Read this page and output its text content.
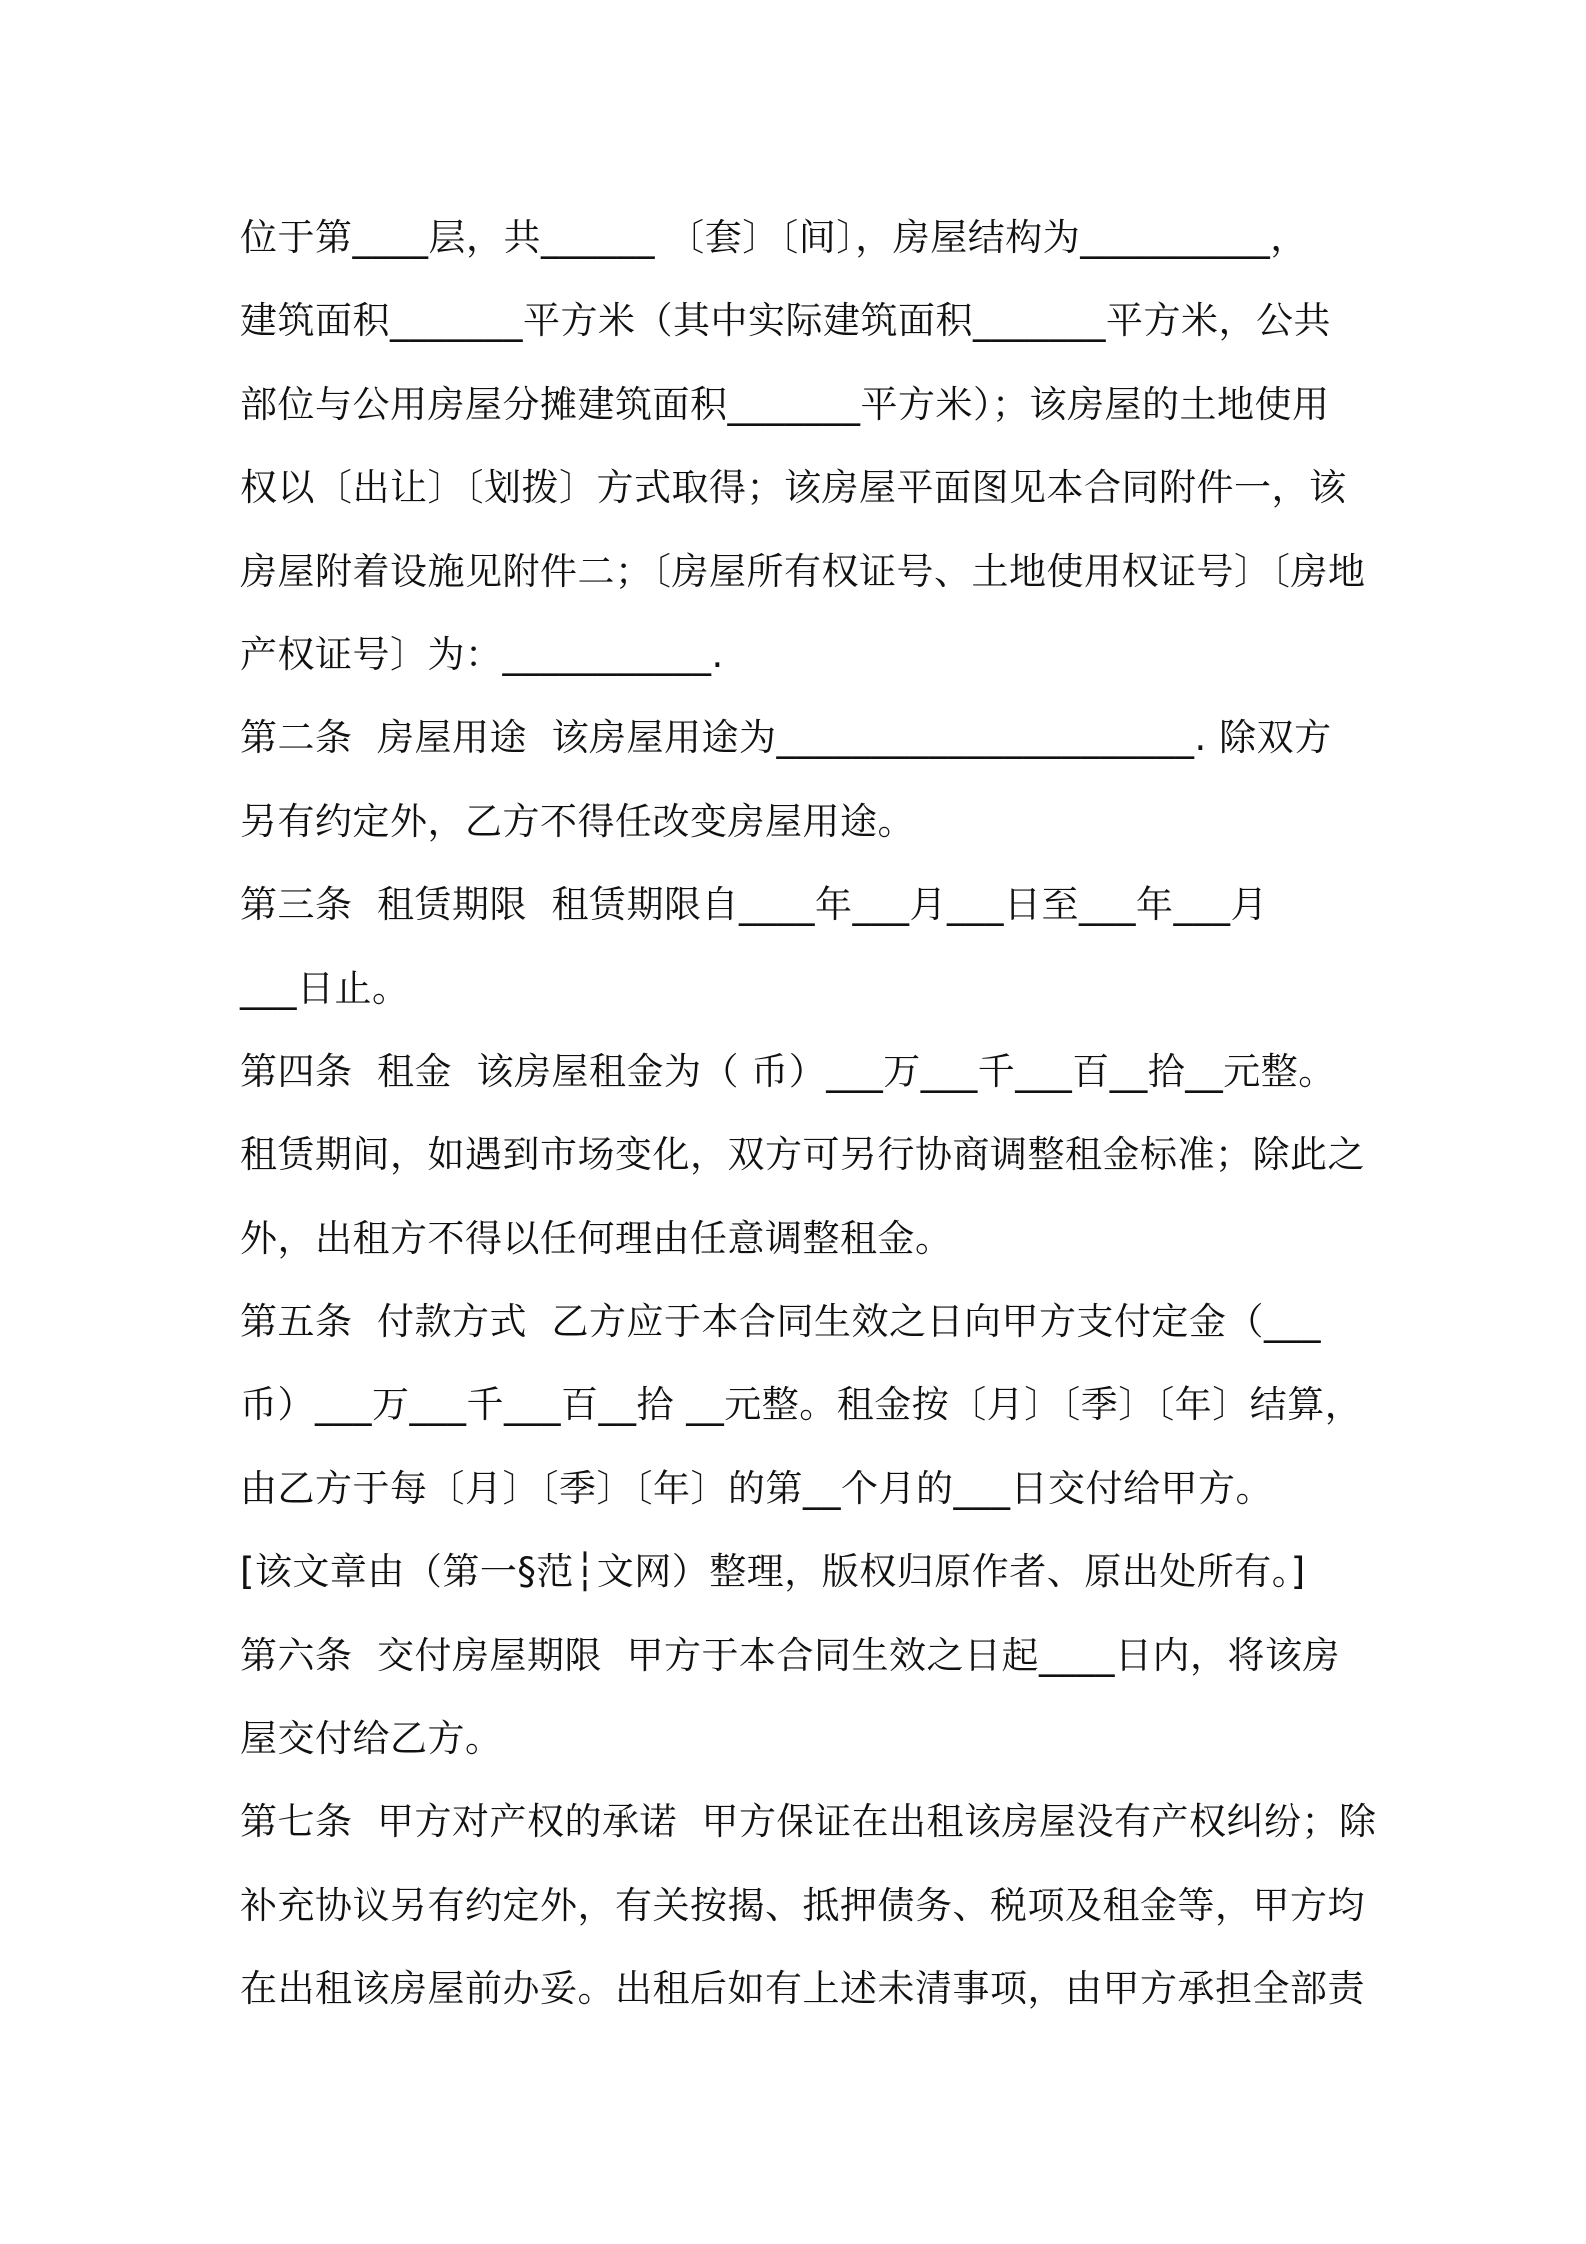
位于第____层，共______ 〔套〕〔间〕，房屋结构为__________，
建筑面积_______平方米（其中实际建筑面积_______平方米，公共
部位与公用房屋分摊建筑面积_______平方米）；该房屋的土地使用
权以〔出让〕〔划拨〕方式取得；该房屋平面图见本合同附件一，该
房屋附着设施见附件二；〔房屋所有权证号、土地使用权证号〕〔房地
产权证号〕为：___________.
第二条  房屋用途  该房屋用途为______________________. 除双方
另有约定外，乙方不得任改变房屋用途。
第三条  租赁期限  租赁期限自____年___月___日至___年___月
___日止。
第四条  租金  该房屋租金为（ 币）___万___千___百__拾__元整。
租赁期间，如遇到市场变化，双方可另行协商调整租金标准；除此之
外，出租方不得以任何理由任意调整租金。
第五条  付款方式  乙方应于本合同生效之日向甲方支付定金（___
币）___万___千___百__拾 __元整。租金按〔月〕〔季〕〔年〕结算，
由乙方于每〔月〕〔季〕〔年〕的第__个月的___日交付给甲方。
[该文章由（第一§范┆文网）整理，版权归原作者、原出处所有。]
第六条  交付房屋期限  甲方于本合同生效之日起____日内，将该房
屋交付给乙方。
第七条  甲方对产权的承诺  甲方保证在出租该房屋没有产权纠纷；除
补充协议另有约定外，有关按揭、抵押债务、税项及租金等，甲方均
在出租该房屋前办妥。出租后如有上述未清事项，由甲方承担全部责
